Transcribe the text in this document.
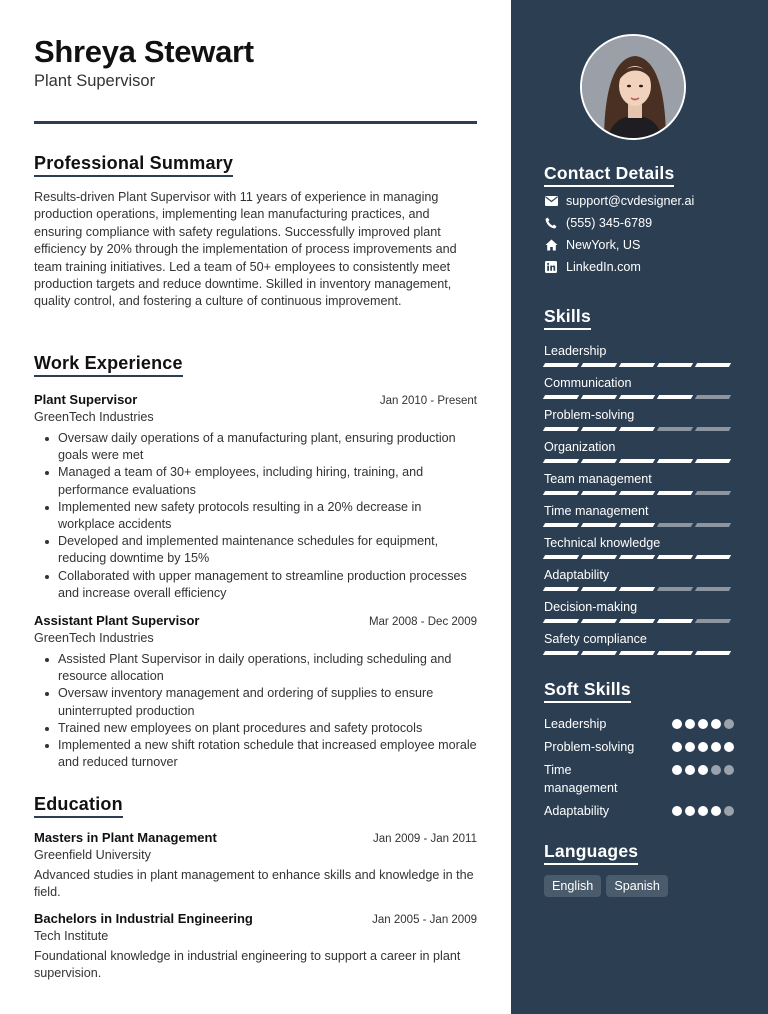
Shreya Stewart
Plant Supervisor
Professional Summary

Results-driven Plant Supervisor with 11 years of experience in managing production operations, implementing lean manufacturing practices, and ensuring compliance with safety regulations. Successfully improved plant efficiency by 20% through the implementation of process improvements and team training initiatives. Led a team of 50+ employees to consistently meet production targets and reduce downtime. Skilled in inventory management, quality control, and fostering a culture of continuous improvement.

Work Experience
Plant Supervisor	Jan 2010 - Present
GreenTech Industries
Oversaw daily operations of a manufacturing plant, ensuring production goals were met
Managed a team of 30+ employees, including hiring, training, and performance evaluations
Implemented new safety protocols resulting in a 20% decrease in workplace accidents
Developed and implemented maintenance schedules for equipment, reducing downtime by 15%
Collaborated with upper management to streamline production processes and increase overall efficiency
Assistant Plant Supervisor	Mar 2008 - Dec 2009
GreenTech Industries
Assisted Plant Supervisor in daily operations, including scheduling and resource allocation
Oversaw inventory management and ordering of supplies to ensure uninterrupted production
Trained new employees on plant procedures and safety protocols
Implemented a new shift rotation schedule that increased employee morale and reduced turnover
Education
Masters in Plant Management	Jan 2009 - Jan 2011
Greenfield University

Advanced studies in plant management to enhance skills and knowledge in the field.

Bachelors in Industrial Engineering	Jan 2005 - Jan 2009
Tech Institute

Foundational knowledge in industrial engineering to support a career in plant supervision.

Contact Details
support@cvdesigner.ai
(555) 345-6789
NewYork, US
LinkedIn.com
Skills
Leadership
Communication
Problem-solving
Organization
Team management
Time management
Technical knowledge
Adaptability
Decision-making
Safety compliance
Soft Skills
Leadership
Problem-solving
Time management
Adaptability
Languages
English	Spanish
